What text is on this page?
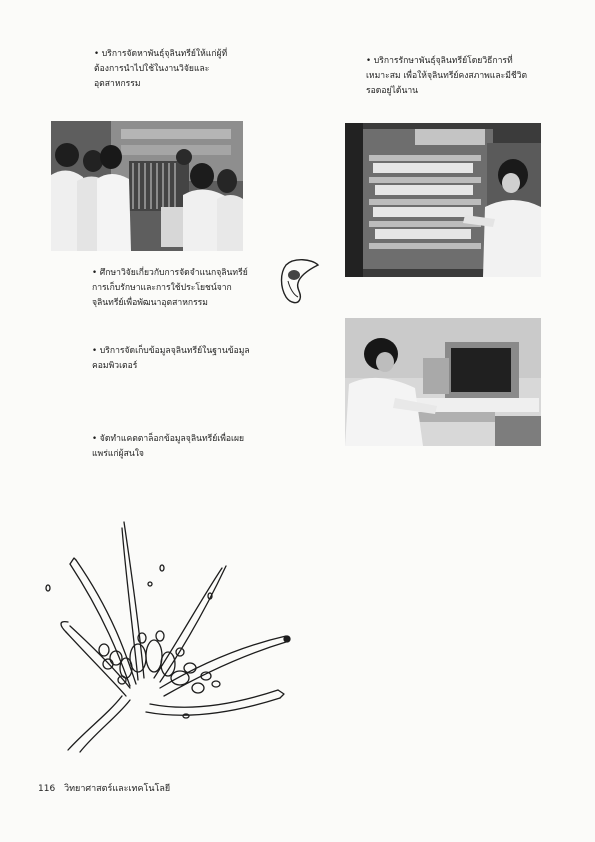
• บริการจัดหาพันธุ์จุลินทรีย์ให้แก่ผู้ที่ต้องการนำไปใช้ในงานวิจัยและอุตสาหกรรม

• บริการรักษาพันธุ์จุลินทรีย์โดยวิธีการที่เหมาะสม เพื่อให้จุลินทรีย์คงสภาพและมีชีวิตรอดอยู่ได้นาน

• ศึกษาวิจัยเกี่ยวกับการจัดจำแนกจุลินทรีย์ การเก็บรักษาและการใช้ประโยชน์จากจุลินทรีย์เพื่อพัฒนาอุตสาหกรรม

• บริการจัดเก็บข้อมูลจุลินทรีย์ในฐานข้อมูลคอมพิวเตอร์

• จัดทำแคตตาล็อกข้อมูลจุลินทรีย์เพื่อเผยแพร่แก่ผู้สนใจ

116 วิทยาศาสตร์และเทคโนโลยี
